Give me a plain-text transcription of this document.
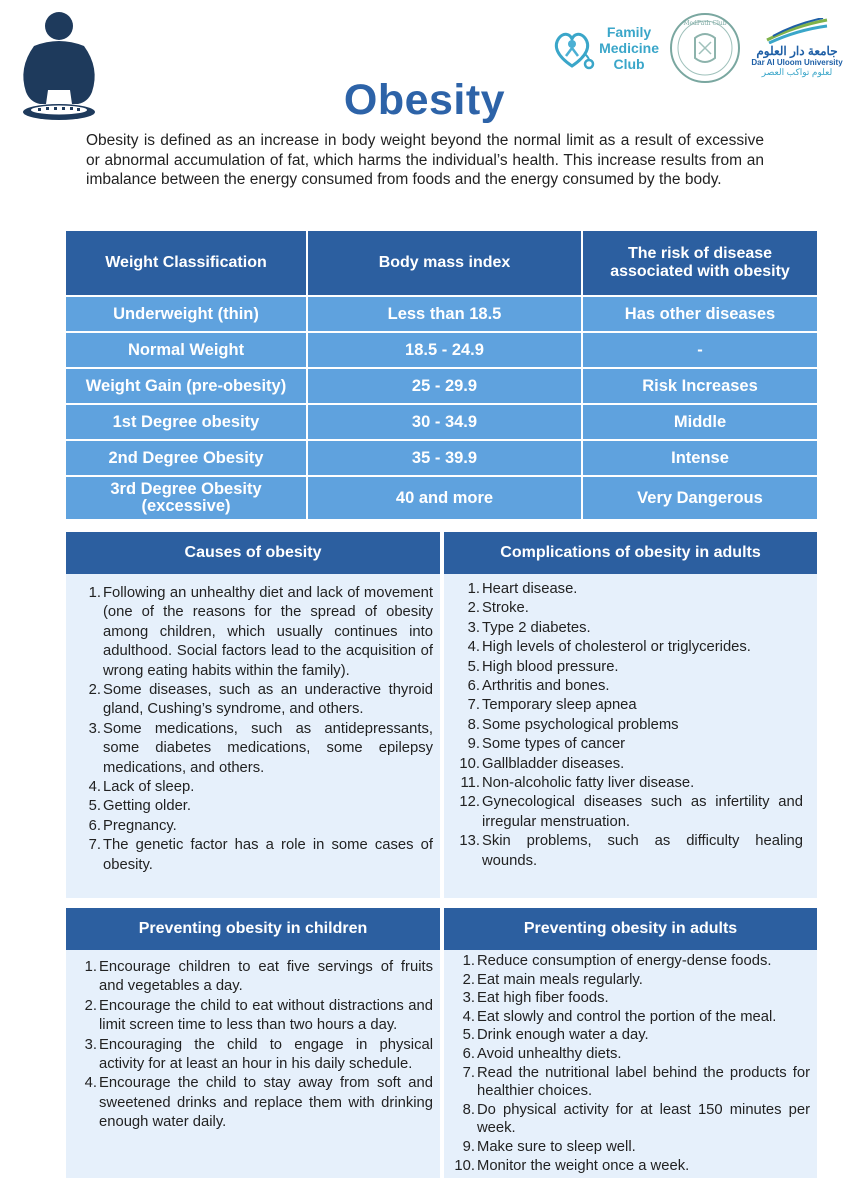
Family
Medicine
Club
MedPath Club
جامعة دار العلوم
Dar Al Uloom University
لعلوم تواكب العصر
Obesity

Obesity is defined as an increase in body weight beyond the normal limit as a result of excessive or abnormal accumulation of fat, which harms the individual’s health. This increase results from an imbalance between the energy consumed from foods and the energy consumed by the body.

Weight Classification	Body mass index	The risk of disease associated with obesity
Underweight (thin)	Less than 18.5	Has other diseases
Normal Weight	18.5 - 24.9	-
Weight Gain (pre-obesity)	25 - 29.9	Risk Increases
1st Degree obesity	30 - 34.9	Middle
2nd Degree Obesity	35 - 39.9	Intense
3rd Degree Obesity (excessive)	40 and more	Very Dangerous
Causes of obesity
1. Following an unhealthy diet and lack of movement (one of the reasons for the spread of obesity among children, which usually continues into adulthood. Social factors lead to the acquisition of wrong eating habits within the family).
2. Some diseases, such as an underactive thyroid gland, Cushing’s syndrome, and others.
3. Some medications, such as antidepressants, some diabetes medications, some epilepsy medications, and others.
4. Lack of sleep.
5. Getting older.
6. Pregnancy.
7. The genetic factor has a role in some cases of obesity.
Complications of obesity in adults
1. Heart disease.
2. Stroke.
3. Type 2 diabetes.
4. High levels of cholesterol or triglycerides.
5. High blood pressure.
6. Arthritis and bones.
7. Temporary sleep apnea
8. Some psychological problems
9. Some types of cancer
10. Gallbladder diseases.
11. Non-alcoholic fatty liver disease.
12. Gynecological diseases such as infertility and irregular menstruation.
13. Skin problems, such as difficulty healing wounds.
Preventing obesity in children
1. Encourage children to eat five servings of fruits and vegetables a day.
2. Encourage the child to eat without distractions and limit screen time to less than two hours a day.
3. Encouraging the child to engage in physical activity for at least an hour in his daily schedule.
4. Encourage the child to stay away from soft and sweetened drinks and replace them with drinking enough water daily.
Preventing obesity in adults
1. Reduce consumption of energy-dense foods.
2. Eat main meals regularly.
3. Eat high fiber foods.
4. Eat slowly and control the portion of the meal.
5. Drink enough water a day.
6. Avoid unhealthy diets.
7. Read the nutritional label behind the products for healthier choices.
8. Do physical activity for at least 150 minutes per week.
9. Make sure to sleep well.
10. Monitor the weight once a week.
